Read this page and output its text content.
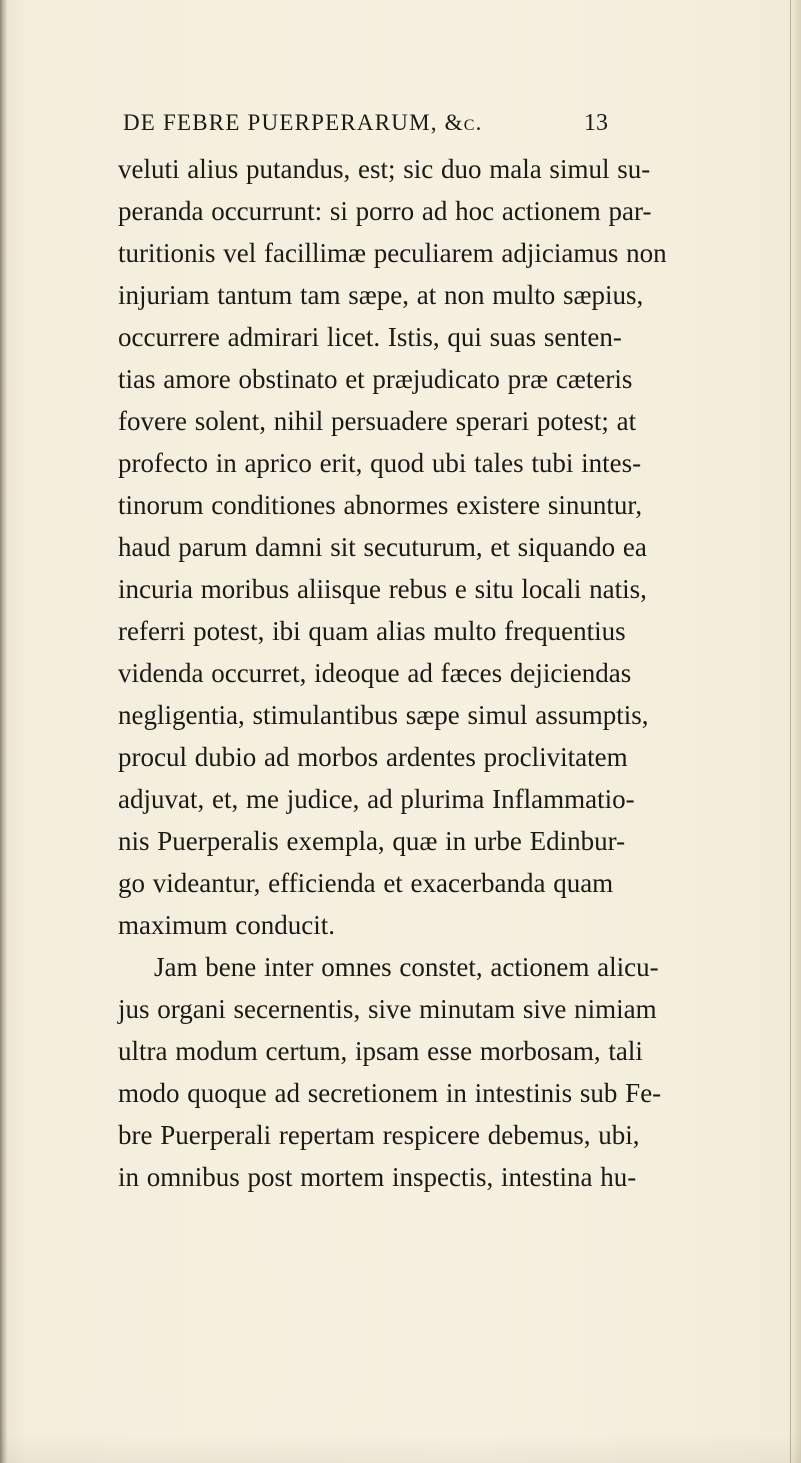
DE FEBRE PUERPERARUM, &c.	13
veluti alius putandus, est; sic duo mala simul su-
peranda occurrunt: si porro ad hoc actionem par-
turitionis vel facillimæ peculiarem adjiciamus non
injuriam tantum tam sæpe, at non multo sæpius,
occurrere admirari licet. Istis, qui suas senten-
tias amore obstinato et præjudicato præ cæteris
fovere solent, nihil persuadere sperari potest; at
profecto in aprico erit, quod ubi tales tubi intes-
tinorum conditiones abnormes existere sinuntur,
haud parum damni sit secuturum, et siquando ea
incuria moribus aliisque rebus e situ locali natis,
referri potest, ibi quam alias multo frequentius
videnda occurret, ideoque ad fæces dejiciendas
negligentia, stimulantibus sæpe simul assumptis,
procul dubio ad morbos ardentes proclivitatem
adjuvat, et, me judice, ad plurima Inflammatio-
nis Puerperalis exempla, quæ in urbe Edinbur-
go videantur, efficienda et exacerbanda quam
maximum conducit.
Jam bene inter omnes constet, actionem alicu-
jus organi secernentis, sive minutam sive nimiam
ultra modum certum, ipsam esse morbosam, tali
modo quoque ad secretionem in intestinis sub Fe-
bre Puerperali repertam respicere debemus, ubi,
in omnibus post mortem inspectis, intestina hu-
